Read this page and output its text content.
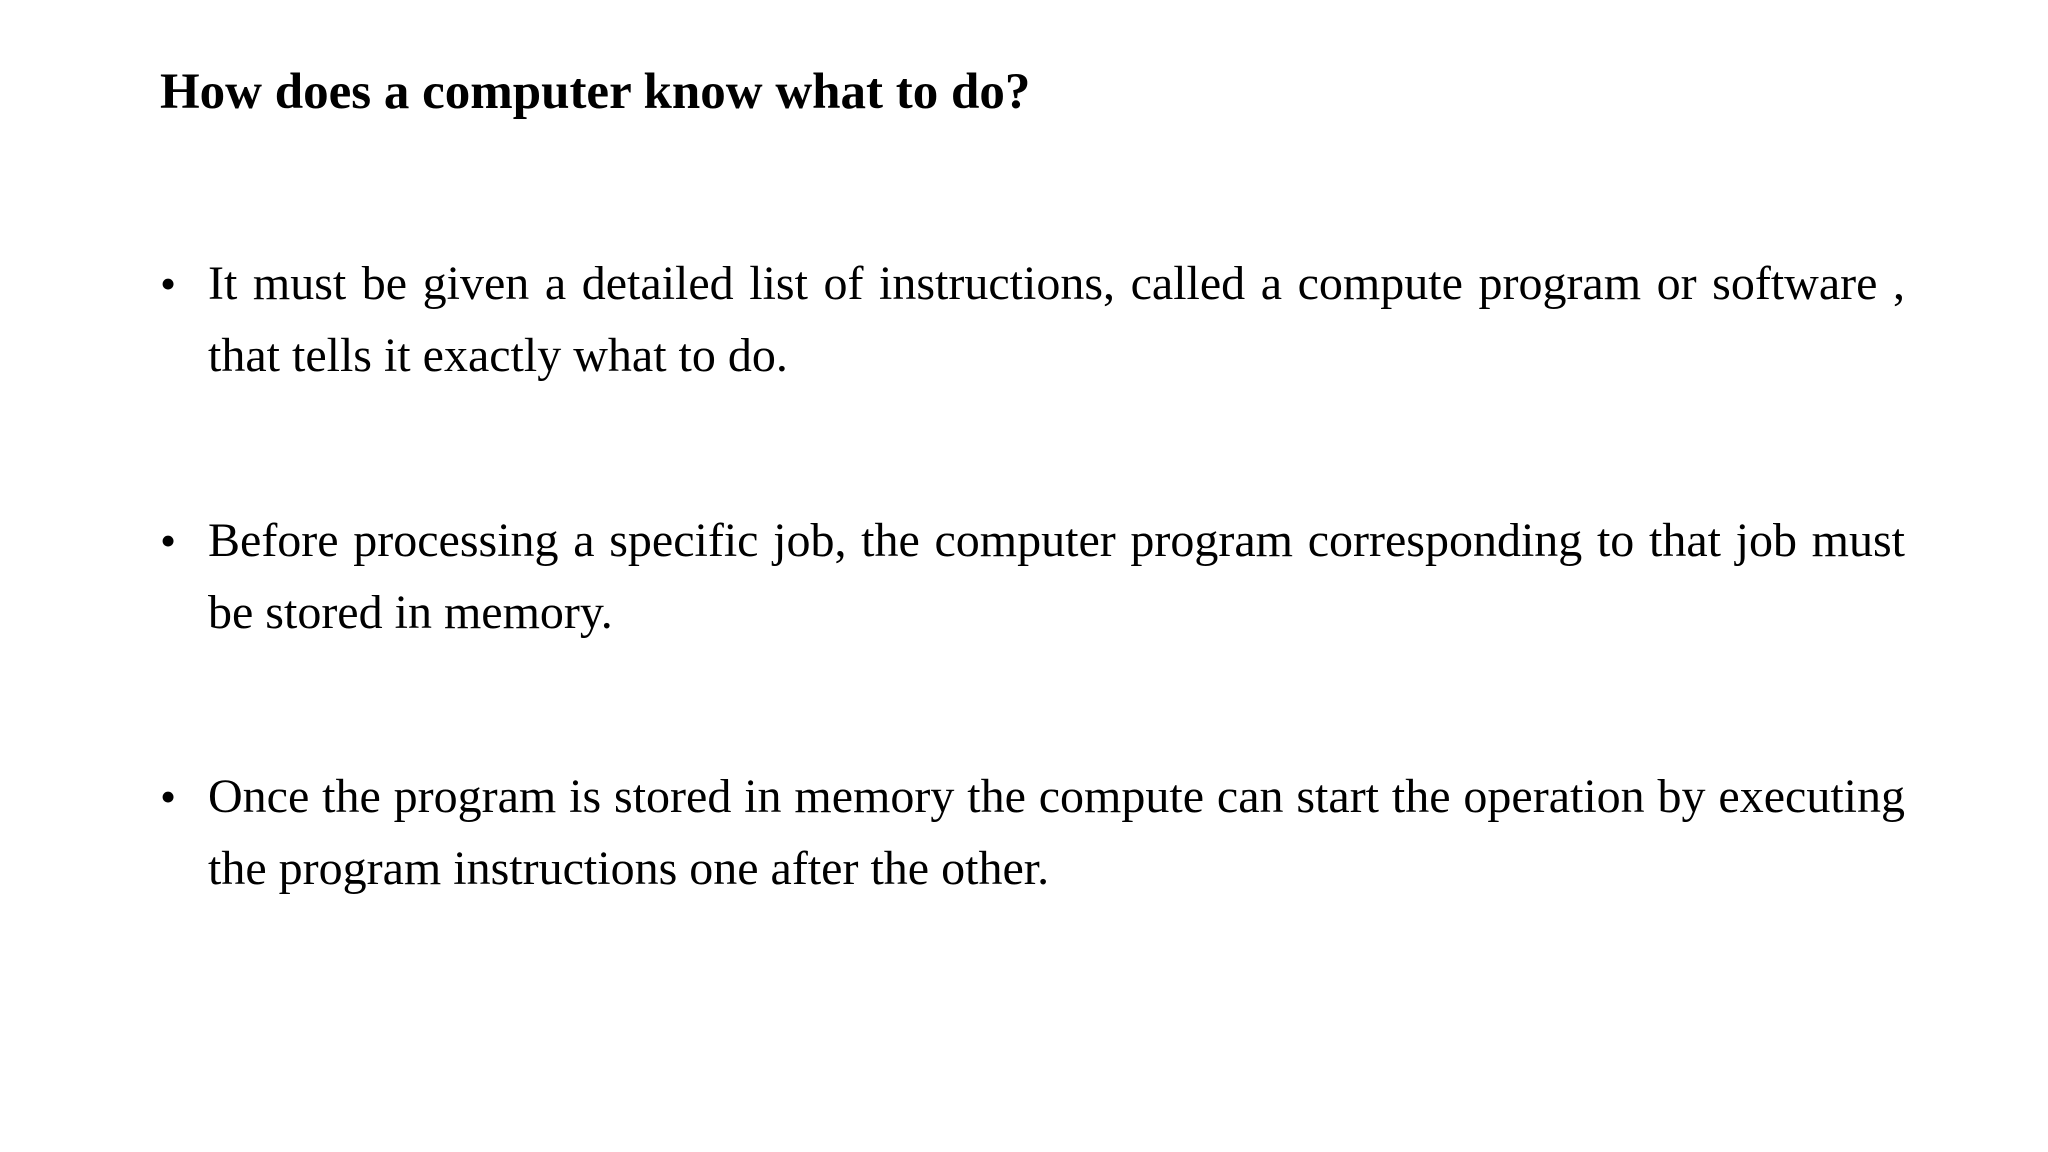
How does a computer know what to do?
• It must be given a detailed list of instructions, called a compute program or software , that tells it exactly what to do.
• Before processing a specific job, the computer program corresponding to that job must be stored in memory.
• Once the program is stored in memory the compute can start the operation by executing the program instructions one after the other.
